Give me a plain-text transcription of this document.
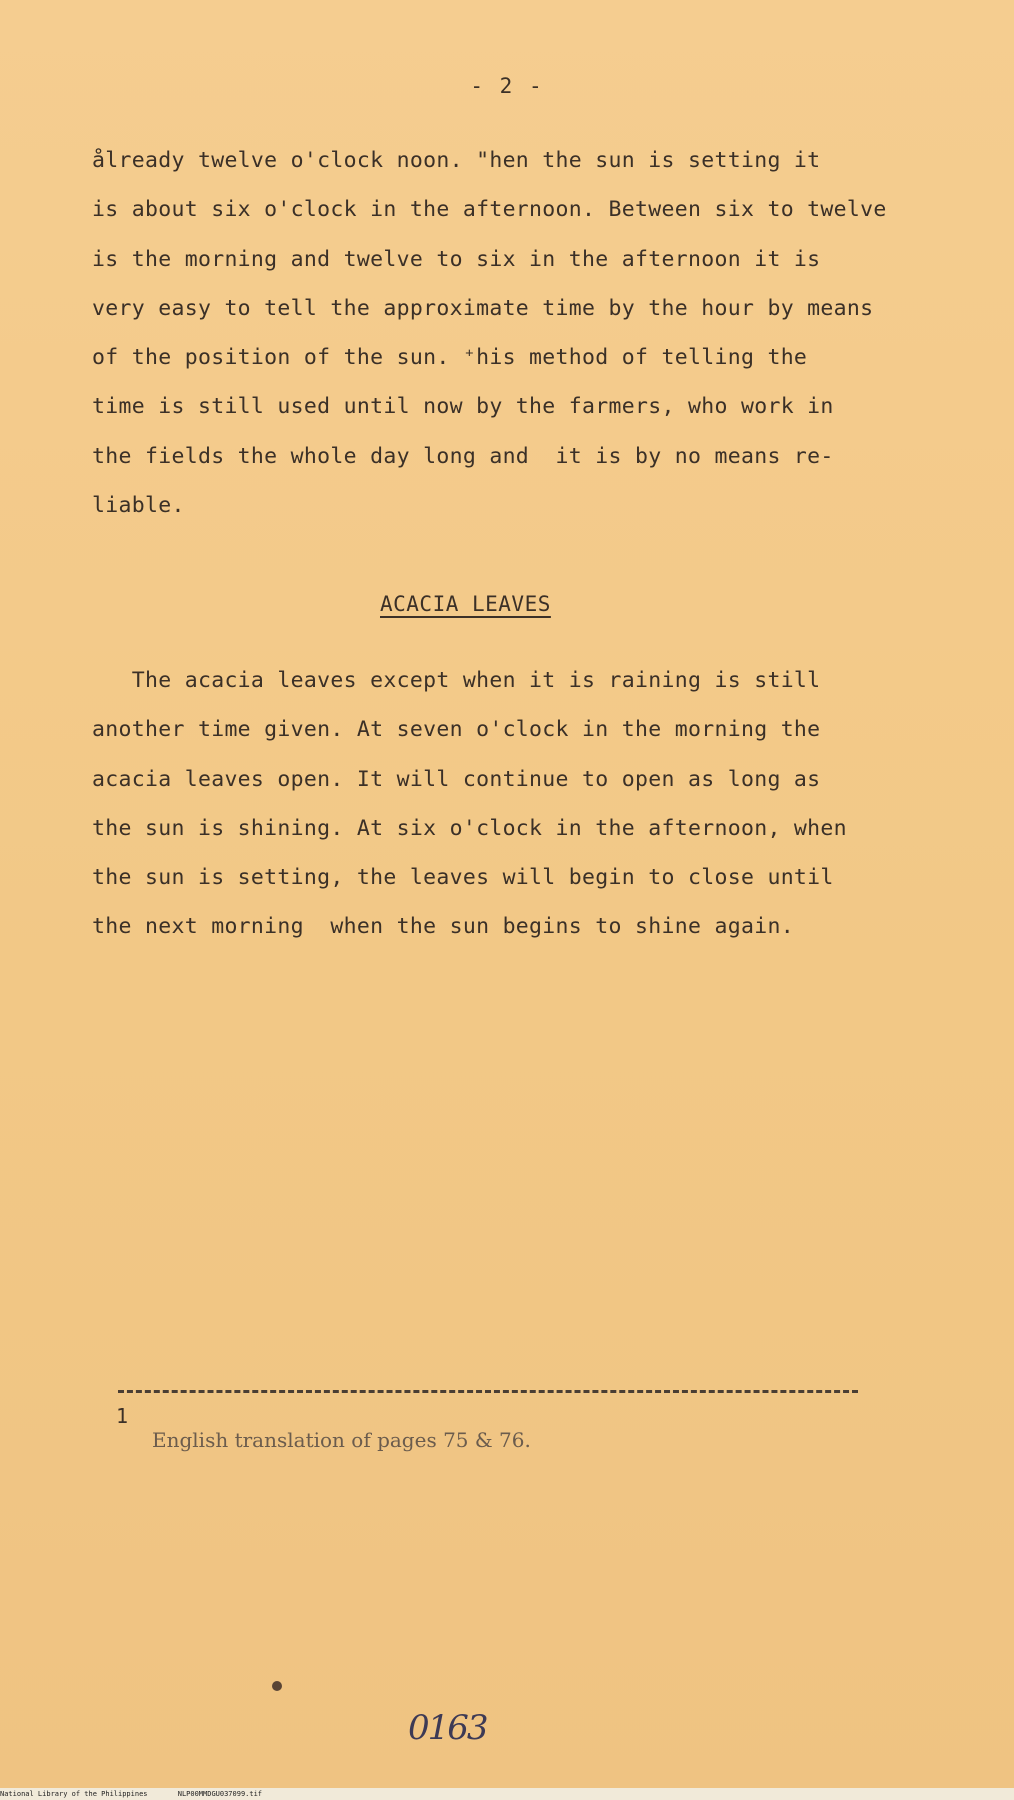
- 2 -
ålready twelve o'clock noon. "hen the sun is setting it
is about six o'clock in the afternoon. Between six to twelve
is the morning and twelve to six in the afternoon it is
very easy to tell the approximate time by the hour by means
of the position of the sun. ⁺his method of telling the
time is still used until now by the farmers, who work in
the fields the whole day long and  it is by no means re-
liable.
ACACIA LEAVES
The acacia leaves except when it is raining is still
another time given. At seven o'clock in the morning the
acacia leaves open. It will continue to open as long as
the sun is shining. At six o'clock in the afternoon, when
the sun is setting, the leaves will begin to close until
the next morning  when the sun begins to shine again.
1
English translation of pages 75 & 76.
0163
National Library of the Philippines	NLP00MMDGU037099.tif
